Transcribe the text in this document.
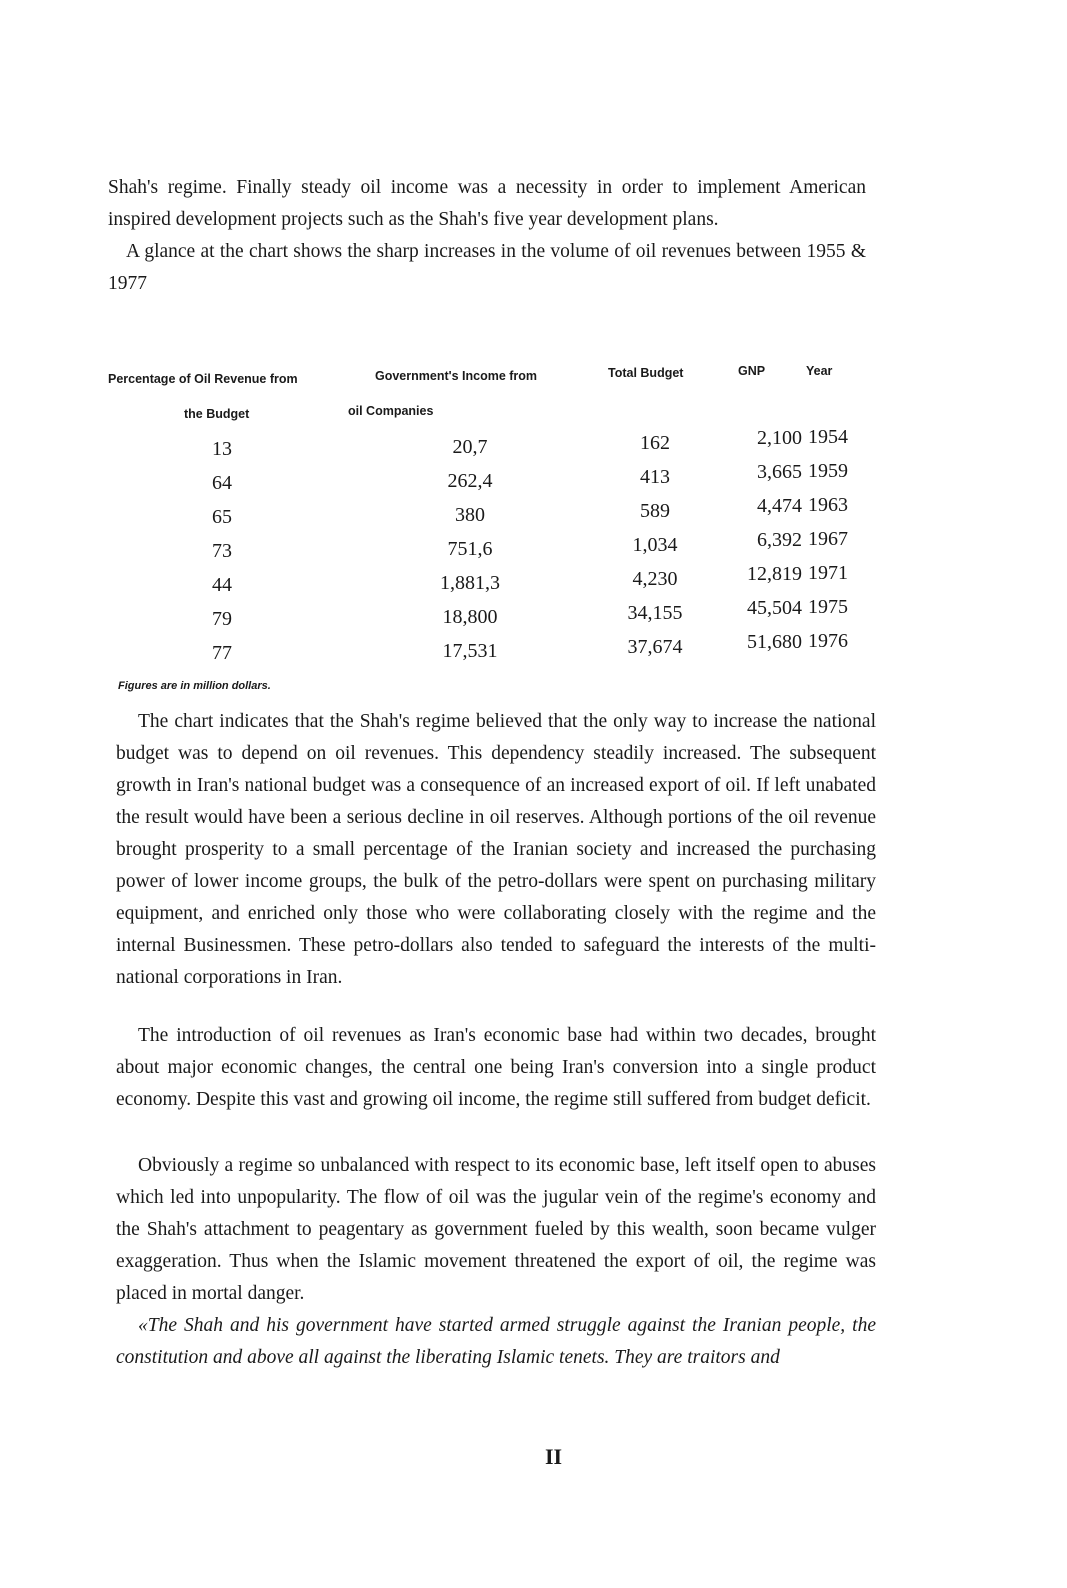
Shah's regime. Finally steady oil income was a necessity in order to implement American inspired development projects such as the Shah's five year development plans.
A glance at the chart shows the sharp increases in the volume of oil revenues between 1955 & 1977

Percentage of Oil Revenue from

the Budget

Government's Income from

oil Companies

Total Budget	GNP	Year

13	20,7	162	2,100 1954
64	262,4	413	3,665 1959
65	380	589	4,474 1963
73	751,6	1,034	6,392 1967
44	1,881,3	4,230	12,819 1971
79	18,800	34,155	45,504 1975
77	17,531	37,674	51,680 1976

Figures are in million dollars.

The chart indicates that the Shah's regime believed that the only way to increase the national budget was to depend on oil revenues. This dependency steadily increased. The subsequent growth in Iran's national budget was a consequence of an increased export of oil. If left unabated the result would have been a serious decline in oil reserves. Although portions of the oil revenue brought prosperity to a small percentage of the Iranian society and increased the purchasing power of lower income groups, the bulk of the petro-dollars were spent on purchasing military equipment, and enriched only those who were collaborating closely with the regime and the internal Businessmen. These petro-dollars also tended to safeguard the interests of the multi-national corporations in Iran.

The introduction of oil revenues as Iran's economic base had within two decades, brought about major economic changes, the central one being Iran's conversion into a single product economy. Despite this vast and growing oil income, the regime still suffered from budget deficit.

Obviously a regime so unbalanced with respect to its economic base, left itself open to abuses which led into unpopularity. The flow of oil was the jugular vein of the regime's economy and the Shah's attachment to peagentary as government fueled by this wealth, soon became vulger exaggeration. Thus when the Islamic movement threatened the export of oil, the regime was placed in mortal danger.

«The Shah and his government have started armed struggle against the Iranian people, the constitution and above all against the liberating Islamic tenets. They are traitors and

II
